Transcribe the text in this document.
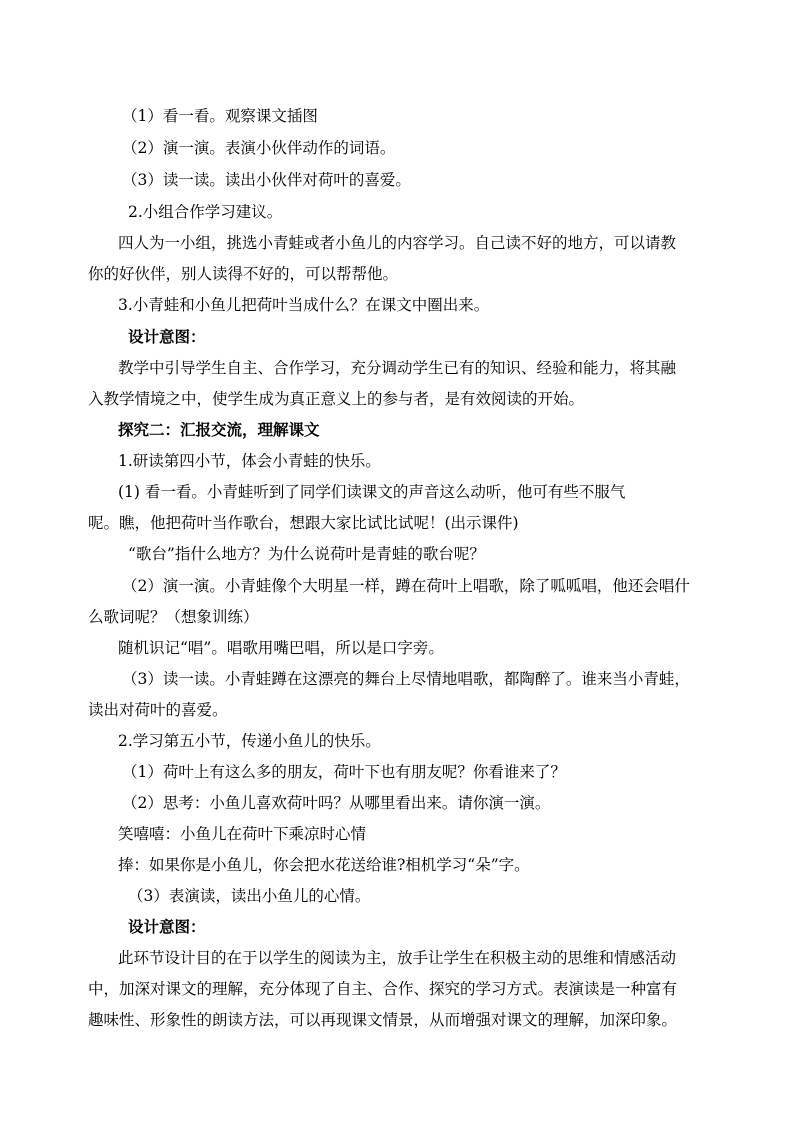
（1）看一看。观察课文插图
（2）演一演。表演小伙伴动作的词语。
（3）读一读。读出小伙伴对荷叶的喜爱。
2.小组合作学习建议。
四人为一小组，挑选小青蛙或者小鱼儿的内容学习。自己读不好的地方，可以请教
你的好伙伴，别人读得不好的，可以帮帮他。
3.小青蛙和小鱼儿把荷叶当成什么？在课文中圈出来。
设计意图：
教学中引导学生自主、合作学习，充分调动学生已有的知识、经验和能力，将其融
入教学情境之中，使学生成为真正意义上的参与者，是有效阅读的开始。
探究二：汇报交流，理解课文
1.研读第四小节，体会小青蛙的快乐。
(1) 看一看。小青蛙听到了同学们读课文的声音这么动听，他可有些不服气
呢。瞧，他把荷叶当作歌台，想跟大家比试比试呢！(出示课件)
“歌台”指什么地方？为什么说荷叶是青蛙的歌台呢？
（2）演一演。小青蛙像个大明星一样，蹲在荷叶上唱歌，除了呱呱唱，他还会唱什
么歌词呢？（想象训练）
随机识记“唱”。唱歌用嘴巴唱，所以是口字旁。
（3）读一读。小青蛙蹲在这漂亮的舞台上尽情地唱歌，都陶醉了。谁来当小青蛙，
读出对荷叶的喜爱。
2.学习第五小节，传递小鱼儿的快乐。
（1）荷叶上有这么多的朋友，荷叶下也有朋友呢？你看谁来了？
（2）思考：小鱼儿喜欢荷叶吗？从哪里看出来。请你演一演。
笑嘻嘻：小鱼儿在荷叶下乘凉时心情
捧：如果你是小鱼儿，你会把水花送给谁?相机学习“朵”字。
（3）表演读，读出小鱼儿的心情。
设计意图：
此环节设计目的在于以学生的阅读为主，放手让学生在积极主动的思维和情感活动
中，加深对课文的理解，充分体现了自主、合作、探究的学习方式。表演读是一种富有
趣味性、形象性的朗读方法，可以再现课文情景，从而增强对课文的理解，加深印象。
